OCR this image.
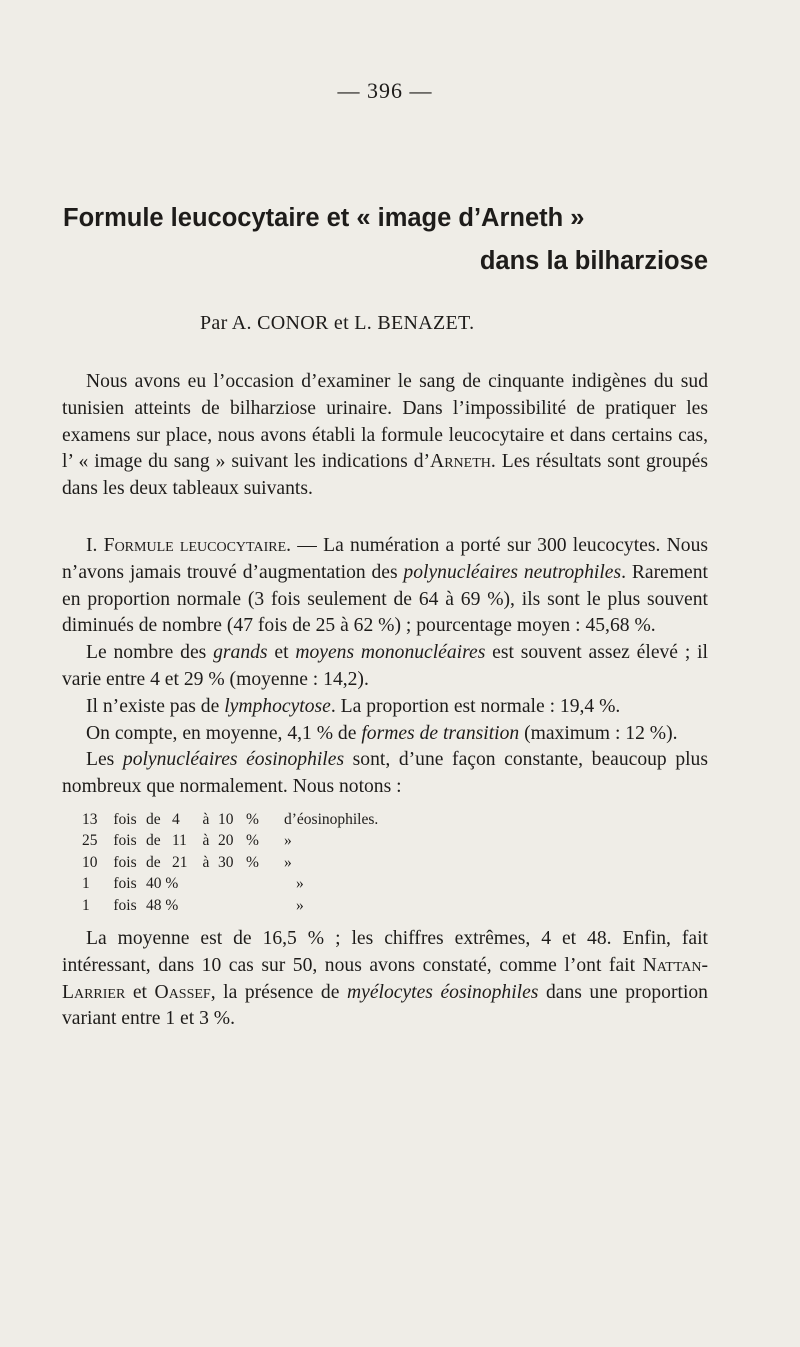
— 396 —
Formule leucocytaire et « image d’Arneth »
dans la bilharziose
Par A. CONOR et L. BENAZET.

Nous avons eu l’occasion d’examiner le sang de cinquante indigènes du sud tunisien atteints de bilharziose urinaire. Dans l’impossibilité de pratiquer les examens sur place, nous avons établi la formule leucocytaire et dans certains cas, l’ « image du sang » suivant les indications d’Arneth. Les résultats sont groupés dans les deux tableaux suivants.

I. Formule leucocytaire. — La numération a porté sur 300 leucocytes. Nous n’avons jamais trouvé d’augmentation des polynucléaires neutrophiles. Rarement en proportion normale (3 fois seulement de 64 à 69 %), ils sont le plus souvent diminués de nombre (47 fois de 25 à 62 %) ; pourcentage moyen : 45,68 %.

Le nombre des grands et moyens mononucléaires est souvent assez élevé ; il varie entre 4 et 29 % (moyenne : 14,2).

Il n’existe pas de lymphocytose. La proportion est normale : 19,4 %.

On compte, en moyenne, 4,1 % de formes de transition (maximum : 12 %).

Les polynucléaires éosinophiles sont, d’une façon constante, beaucoup plus nombreux que normalement. Nous notons :

13	fois de 4	à 10 %	d’éosinophiles.
25	fois de 11	à 20 %	»
10	fois de 21 à 30 %	»
1	fois 40 %	»
1	fois 48 %	»

La moyenne est de 16,5 % ; les chiffres extrêmes, 4 et 48. Enfin, fait intéressant, dans 10 cas sur 50, nous avons constaté, comme l’ont fait Nattan-Larrier et Oassef, la présence de myélocytes éosinophiles dans une proportion variant entre 1 et 3 %.
